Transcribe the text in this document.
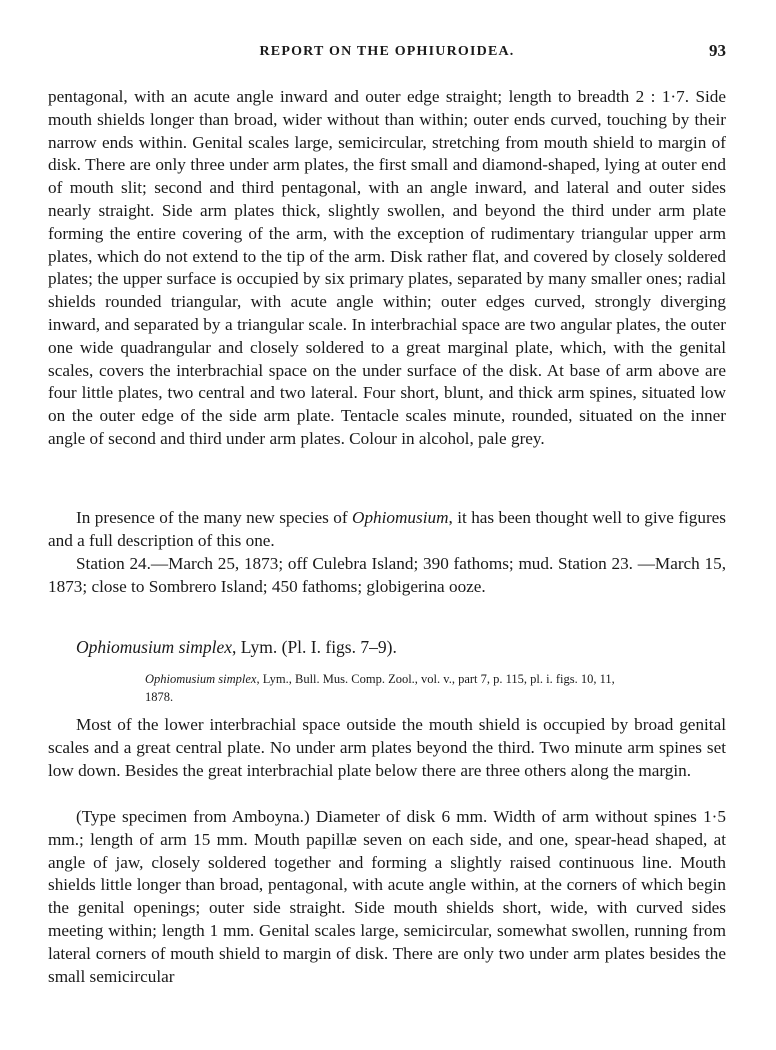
REPORT ON THE OPHIUROIDEA.	93

pentagonal, with an acute angle inward and outer edge straight; length to breadth 2 : 1·7. Side mouth shields longer than broad, wider without than within; outer ends curved, touching by their narrow ends within. Genital scales large, semicircular, stretching from mouth shield to margin of disk. There are only three under arm plates, the first small and diamond-shaped, lying at outer end of mouth slit; second and third pentagonal, with an angle inward, and lateral and outer sides nearly straight. Side arm plates thick, slightly swollen, and beyond the third under arm plate forming the entire covering of the arm, with the exception of rudimentary triangular upper arm plates, which do not extend to the tip of the arm. Disk rather flat, and covered by closely soldered plates; the upper surface is occupied by six primary plates, separated by many smaller ones; radial shields rounded triangular, with acute angle within; outer edges curved, strongly diverging inward, and separated by a triangular scale. In interbrachial space are two angular plates, the outer one wide quadrangular and closely soldered to a great marginal plate, which, with the genital scales, covers the interbrachial space on the under surface of the disk. At base of arm above are four little plates, two central and two lateral. Four short, blunt, and thick arm spines, situated low on the outer edge of the side arm plate. Tentacle scales minute, rounded, situated on the inner angle of second and third under arm plates. Colour in alcohol, pale grey.

In presence of the many new species of Ophiomusium, it has been thought well to give figures and a full description of this one.

Station 24.—March 25, 1873; off Culebra Island; 390 fathoms; mud. Station 23. —March 15, 1873; close to Sombrero Island; 450 fathoms; globigerina ooze.

Ophiomusium simplex, Lym. (Pl. I. figs. 7–9).

Ophiomusium simplex, Lym., Bull. Mus. Comp. Zool., vol. v., part 7, p. 115, pl. i. figs. 10, 11,
1878.

Most of the lower interbrachial space outside the mouth shield is occupied by broad genital scales and a great central plate. No under arm plates beyond the third. Two minute arm spines set low down. Besides the great interbrachial plate below there are three others along the margin.

(Type specimen from Amboyna.) Diameter of disk 6 mm. Width of arm without spines 1·5 mm.; length of arm 15 mm. Mouth papillæ seven on each side, and one, spear-head shaped, at angle of jaw, closely soldered together and forming a slightly raised continuous line. Mouth shields little longer than broad, pentagonal, with acute angle within, at the corners of which begin the genital openings; outer side straight. Side mouth shields short, wide, with curved sides meeting within; length 1 mm. Genital scales large, semicircular, somewhat swollen, running from lateral corners of mouth shield to margin of disk. There are only two under arm plates besides the small semicircular
